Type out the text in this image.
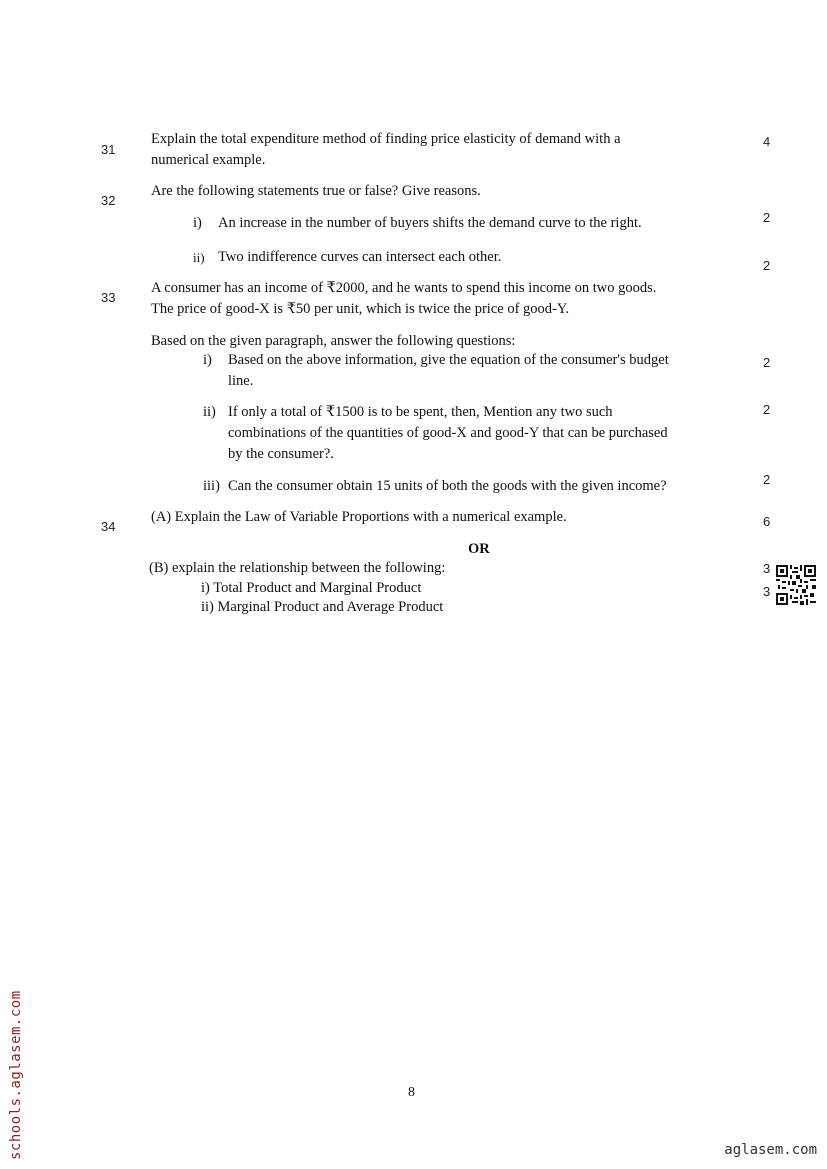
31
Explain the total expenditure method of finding price elasticity of demand with a
numerical example.
4
32
Are the following statements true or false? Give reasons.
i) An increase in the number of buyers shifts the demand curve to the right.	2
ii) Two indifference curves can intersect each other.
2
33
A consumer has an income of ₹2000, and he wants to spend this income on two goods.
The price of good-X is ₹50 per unit, which is twice the price of good-Y.
Based on the given paragraph, answer the following questions:
i) Based on the above information, give the equation of the consumer's budget
line.
2
ii) If only a total of ₹1500 is to be spent, then, Mention any two such
combinations of the quantities of good-X and good-Y that can be purchased
by the consumer?.
2
iii) Can the consumer obtain 15 units of both the goods with the given income?	2
34
(A) Explain the Law of Variable Proportions with a numerical example.	6
OR
(B) explain the relationship between the following:
i) Total Product and Marginal Product
3
ii) Marginal Product and Average Product
3
8
schools.aglasem.com	aglasem.com
